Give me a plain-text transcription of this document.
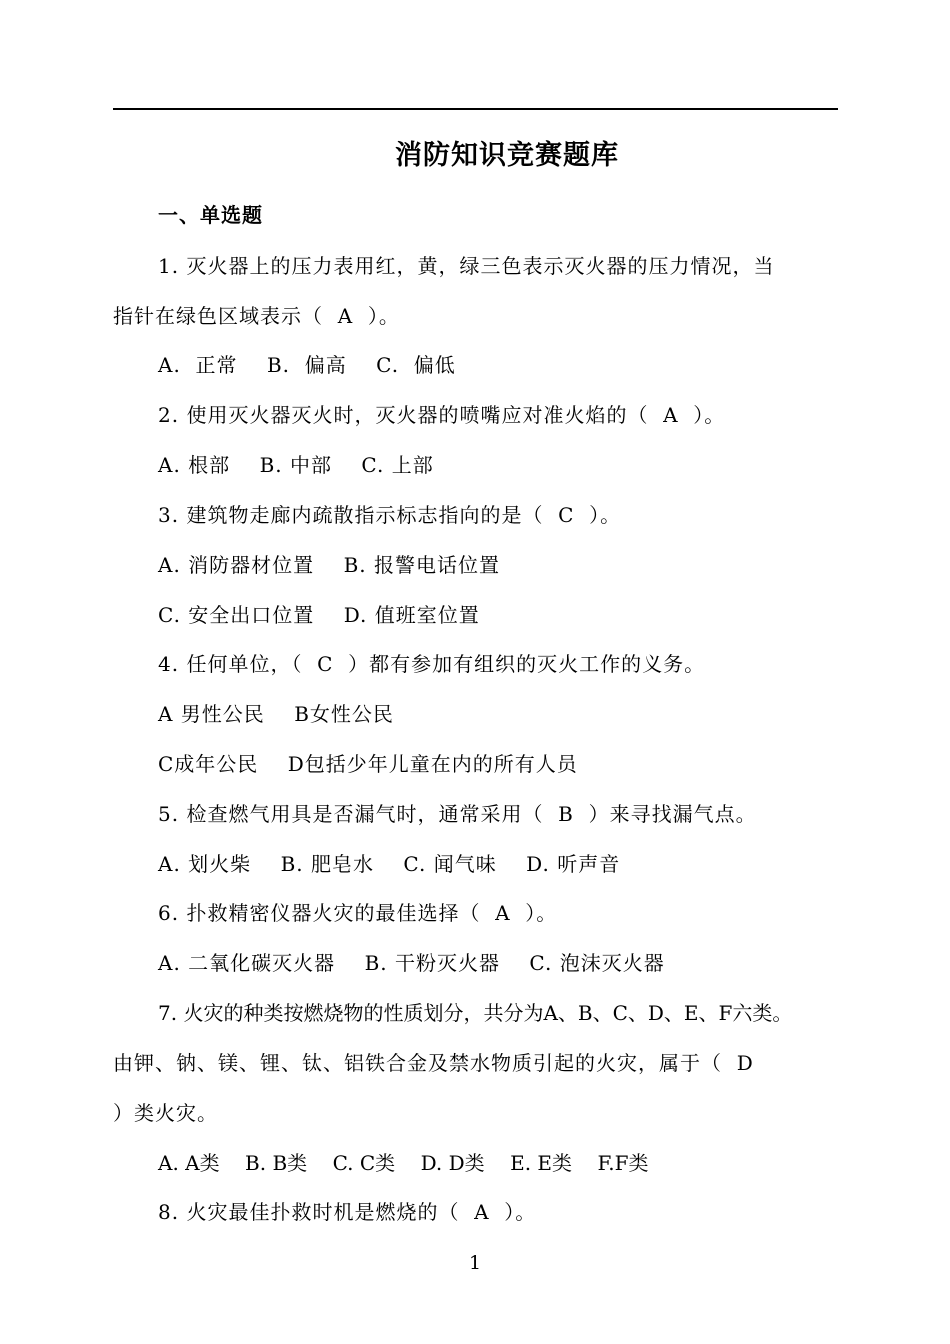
消防知识竞赛题库
一、单选题
1. 灭火器上的压力表用红，黄，绿三色表示灭火器的压力情况，当
指针在绿色区域表示（  A  ）。
A.  正常    B.  偏高    C.  偏低
2. 使用灭火器灭火时，灭火器的喷嘴应对准火焰的（  A  ）。
A. 根部    B. 中部    C. 上部
3. 建筑物走廊内疏散指示标志指向的是（  C  ）。
A. 消防器材位置    B. 报警电话位置
C. 安全出口位置    D. 值班室位置
4. 任何单位，（  C  ）都有参加有组织的灭火工作的义务。
A 男性公民    B女性公民
C成年公民    D包括少年儿童在内的所有人员
5. 检查燃气用具是否漏气时，通常采用（  B  ）来寻找漏气点。
A. 划火柴    B. 肥皂水    C. 闻气味    D. 听声音
6. 扑救精密仪器火灾的最佳选择（  A  ）。
A. 二氧化碳灭火器    B. 干粉灭火器    C. 泡沫灭火器
7. 火灾的种类按燃烧物的性质划分，共分为A、B、C、D、E、F六类。
由钾、钠、镁、锂、钛、铝铁合金及禁水物质引起的火灾，属于（  D
）类火灾。
A. A类    B. B类    C. C类    D. D类    E. E类    F.F类
8. 火灾最佳扑救时机是燃烧的（  A  ）。
1
